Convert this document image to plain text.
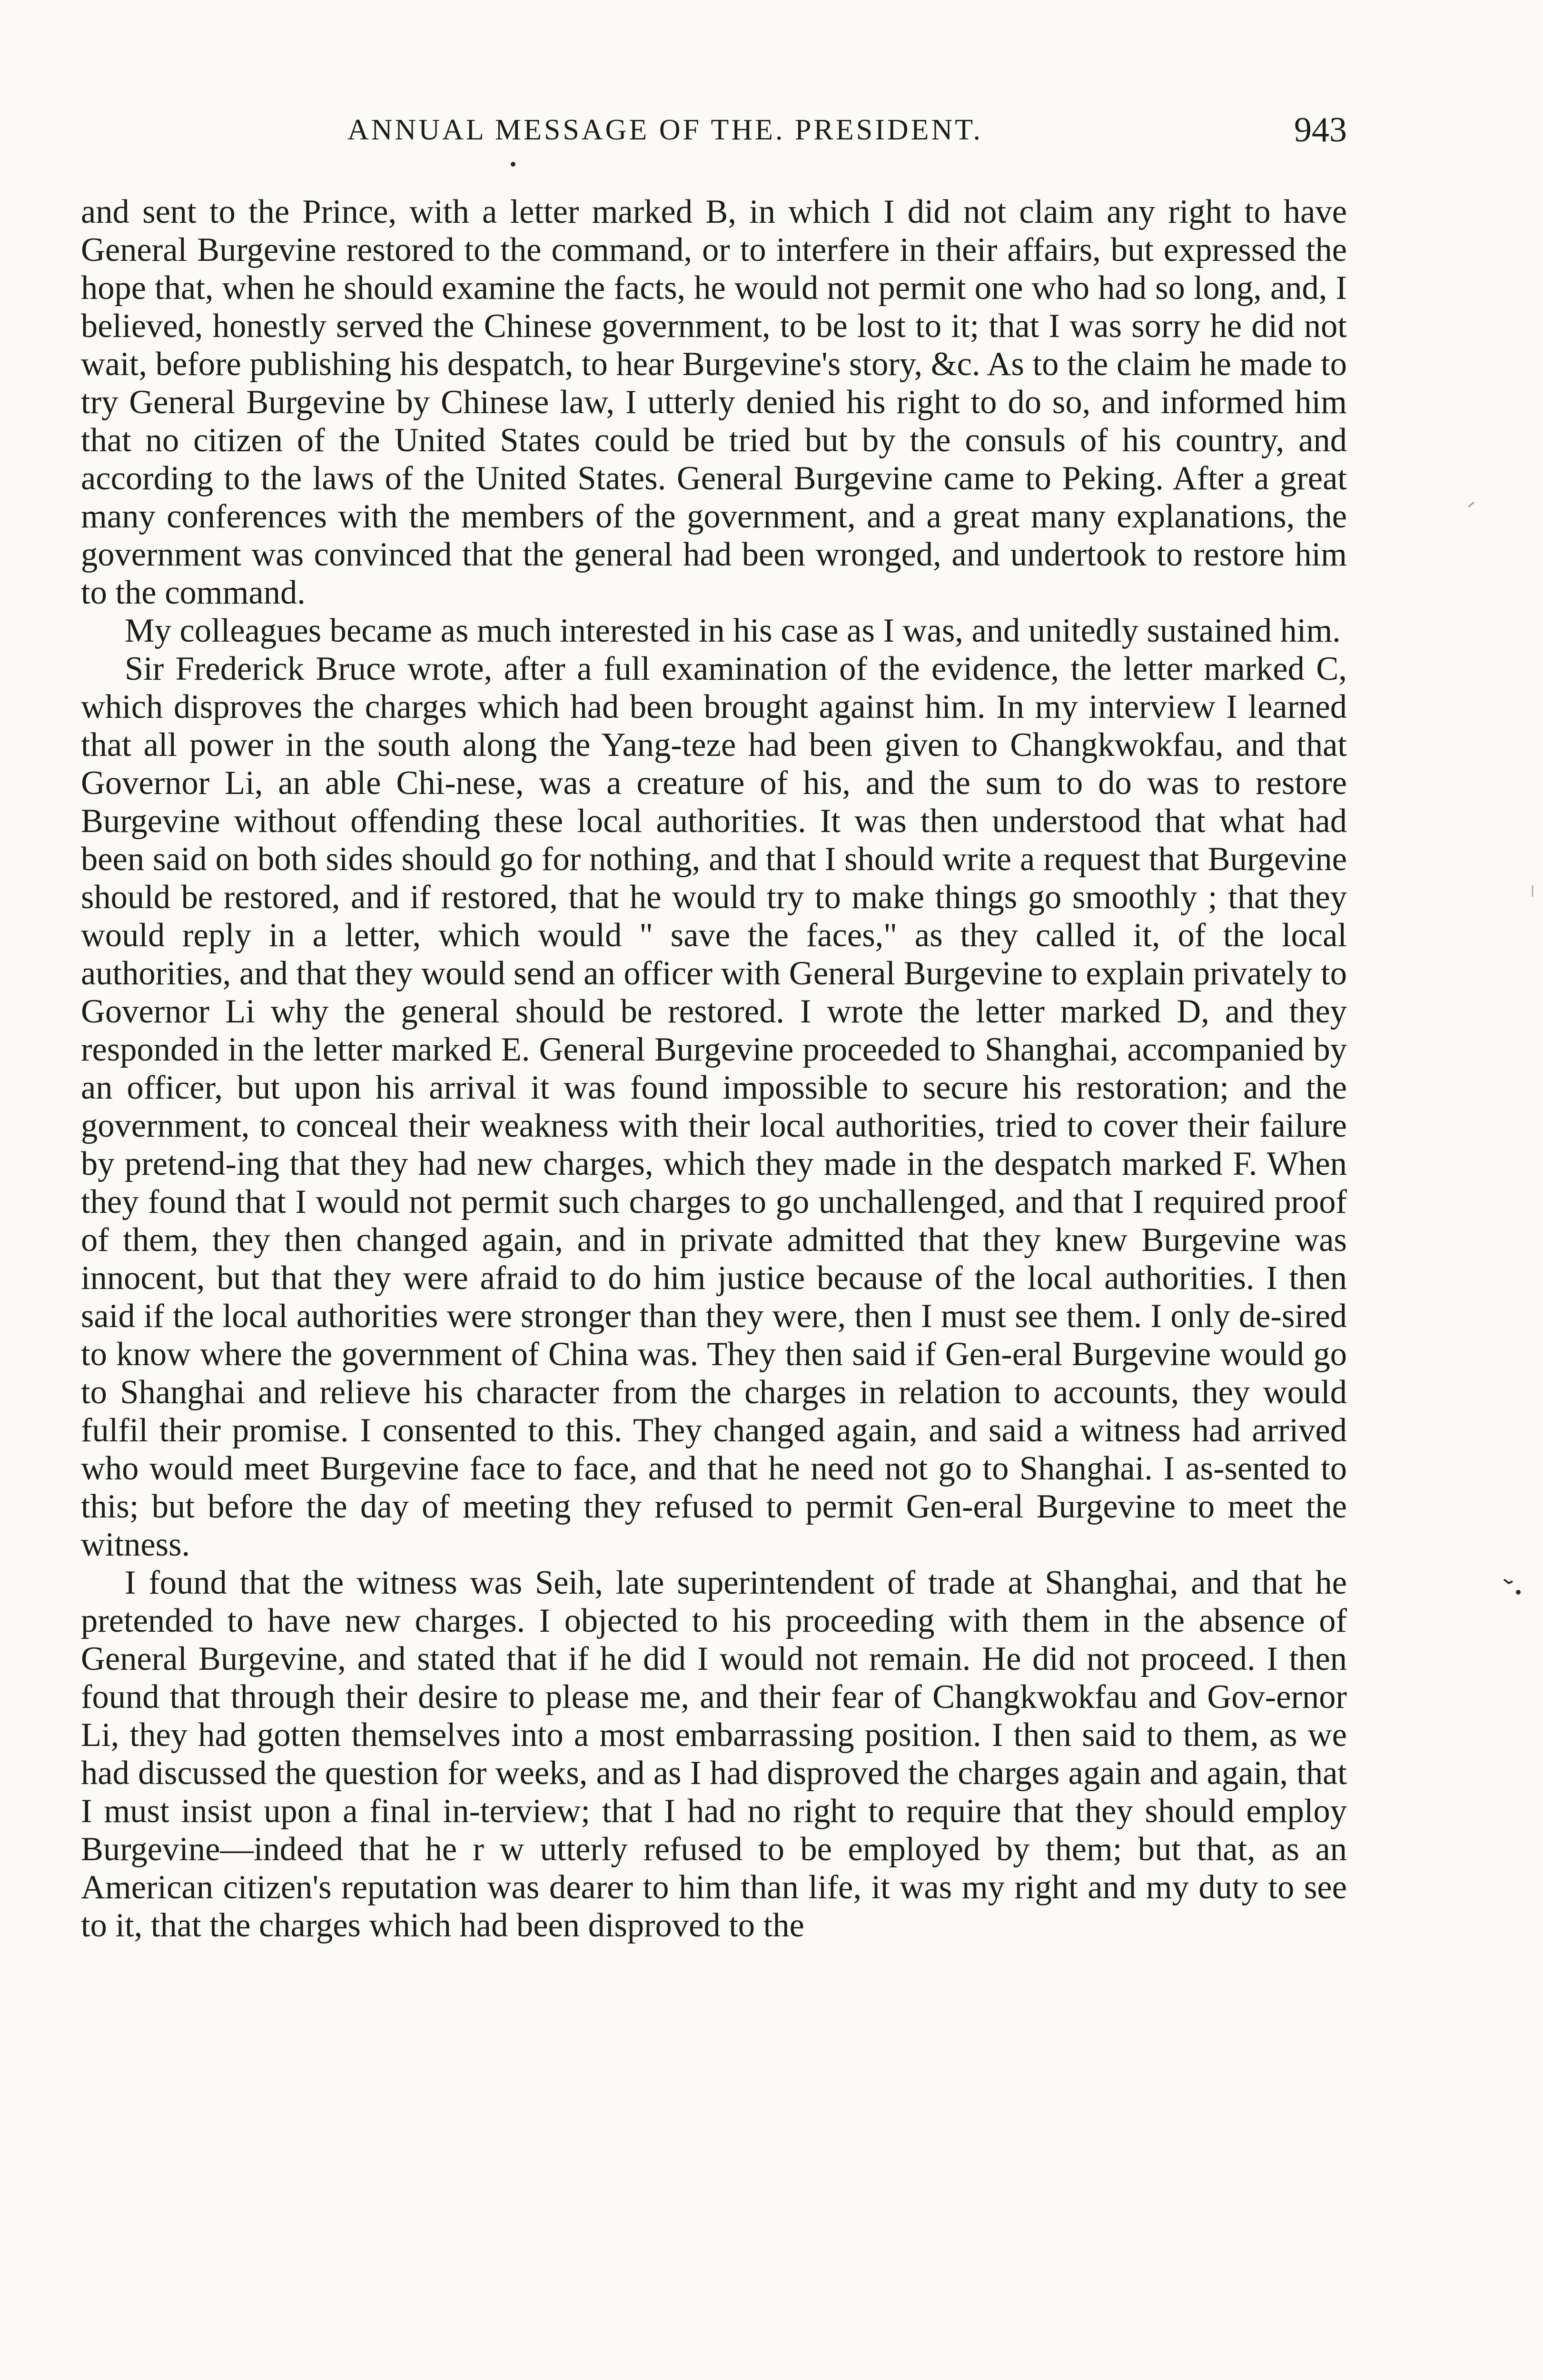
ANNUAL MESSAGE OF THE. PRESIDENT.	943

and sent to the Prince, with a letter marked B, in which I did not claim any right to have General Burgevine restored to the command, or to interfere in their affairs, but expressed the hope that, when he should examine the facts, he would not permit one who had so long, and, I believed, honestly served the Chinese government, to be lost to it; that I was sorry he did not wait, before publishing his despatch, to hear Burgevine's story, &c. As to the claim he made to try General Burgevine by Chinese law, I utterly denied his right to do so, and informed him that no citizen of the United States could be tried but by the consuls of his country, and according to the laws of the United States. General Burgevine came to Peking. After a great many conferences with the members of the government, and a great many explanations, the government was convinced that the general had been wronged, and undertook to restore him to the command.

My colleagues became as much interested in his case as I was, and unitedly sustained him.

Sir Frederick Bruce wrote, after a full examination of the evidence, the letter marked C, which disproves the charges which had been brought against him. In my interview I learned that all power in the south along the Yang-teze had been given to Changkwokfau, and that Governor Li, an able Chi-nese, was a creature of his, and the sum to do was to restore Burgevine without offending these local authorities. It was then understood that what had been said on both sides should go for nothing, and that I should write a request that Burgevine should be restored, and if restored, that he would try to make things go smoothly ; that they would reply in a letter, which would " save the faces," as they called it, of the local authorities, and that they would send an officer with General Burgevine to explain privately to Governor Li why the general should be restored. I wrote the letter marked D, and they responded in the letter marked E. General Burgevine proceeded to Shanghai, accompanied by an officer, but upon his arrival it was found impossible to secure his restoration; and the government, to conceal their weakness with their local authorities, tried to cover their failure by pretend-ing that they had new charges, which they made in the despatch marked F. When they found that I would not permit such charges to go unchallenged, and that I required proof of them, they then changed again, and in private admitted that they knew Burgevine was innocent, but that they were afraid to do him justice because of the local authorities. I then said if the local authorities were stronger than they were, then I must see them. I only de-sired to know where the government of China was. They then said if Gen-eral Burgevine would go to Shanghai and relieve his character from the charges in relation to accounts, they would fulfil their promise. I consented to this. They changed again, and said a witness had arrived who would meet Burgevine face to face, and that he need not go to Shanghai. I as-sented to this; but before the day of meeting they refused to permit Gen-eral Burgevine to meet the witness.

I found that the witness was Seih, late superintendent of trade at Shanghai, and that he pretended to have new charges. I objected to his proceeding with them in the absence of General Burgevine, and stated that if he did I would not remain. He did not proceed. I then found that through their desire to please me, and their fear of Changkwokfau and Gov-ernor Li, they had gotten themselves into a most embarrassing position. I then said to them, as we had discussed the question for weeks, and as I had disproved the charges again and again, that I must insist upon a final in-terview; that I had no right to require that they should employ Burgevine—indeed that he r w utterly refused to be employed by them; but that, as an American citizen's reputation was dearer to him than life, it was my right and my duty to see to it, that the charges which had been disproved to the
